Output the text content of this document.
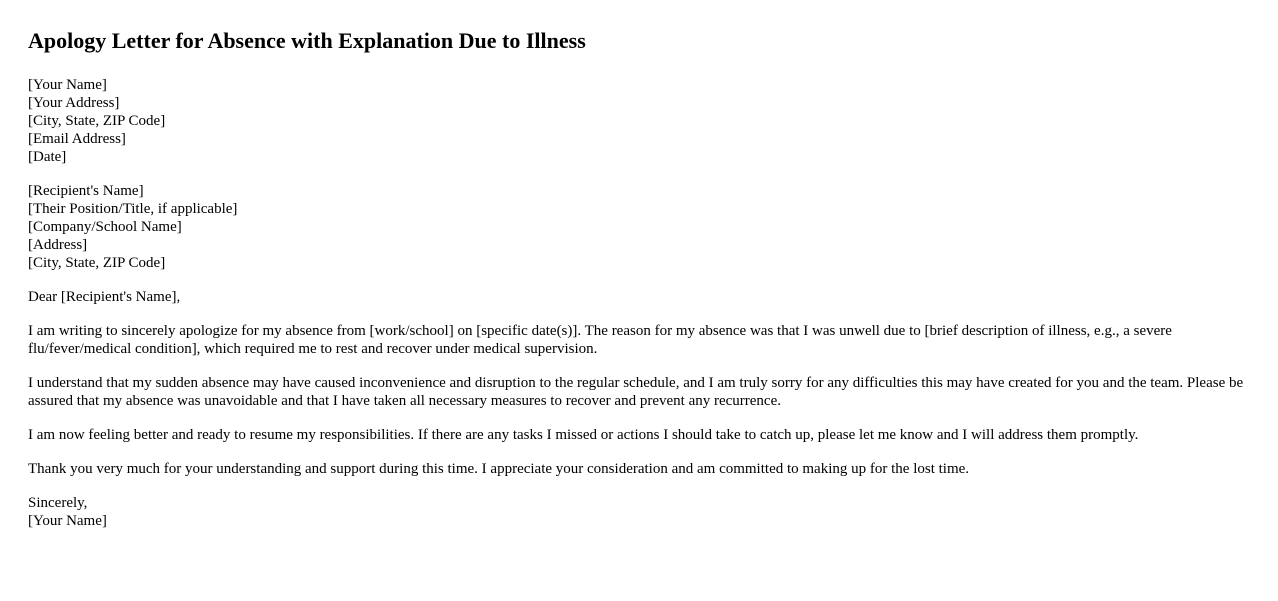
Apology Letter for Absence with Explanation Due to Illness
[Your Name]
[Your Address]
[City, State, ZIP Code]
[Email Address]
[Date]
[Recipient's Name]
[Their Position/Title, if applicable]
[Company/School Name]
[Address]
[City, State, ZIP Code]

Dear [Recipient's Name],

I am writing to sincerely apologize for my absence from [work/school] on [specific date(s)]. The reason for my absence was that I was unwell due to [brief description of illness, e.g., a severe flu/fever/medical condition], which required me to rest and recover under medical supervision.

I understand that my sudden absence may have caused inconvenience and disruption to the regular schedule, and I am truly sorry for any difficulties this may have created for you and the team. Please be assured that my absence was unavoidable and that I have taken all necessary measures to recover and prevent any recurrence.

I am now feeling better and ready to resume my responsibilities. If there are any tasks I missed or actions I should take to catch up, please let me know and I will address them promptly.

Thank you very much for your understanding and support during this time. I appreciate your consideration and am committed to making up for the lost time.

Sincerely,
[Your Name]
